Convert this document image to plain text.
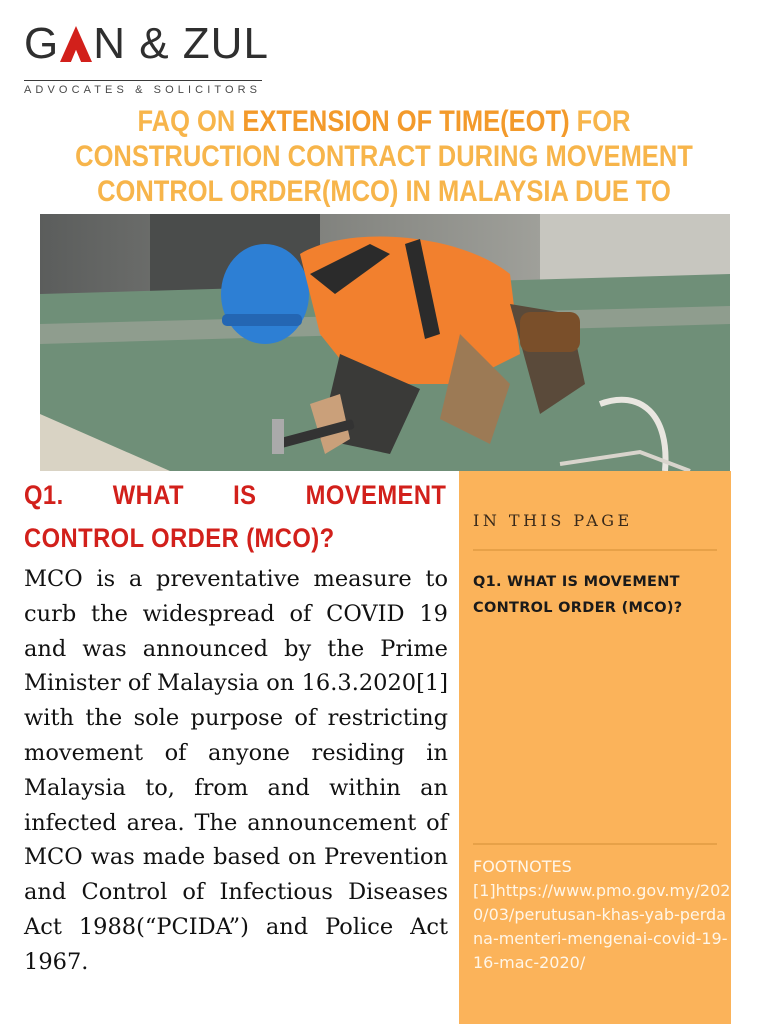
G N & ZUL
ADVOCATES & SOLICITORS
FAQ ON EXTENSION OF TIME(EOT) FOR CONSTRUCTION CONTRACT DURING MOVEMENT CONTROL ORDER(MCO) IN MALAYSIA DUE TO
Q1. WHAT IS MOVEMENT CONTROL ORDER (MCO)?
MCO is a preventative measure to curb the widespread of COVID 19 and was announced by the Prime Minister of Malaysia on 16.3.2020[1] with the sole purpose of restricting movement of anyone residing in Malaysia to, from and within an infected area. The announcement of MCO was made based on Prevention and Control of Infectious Diseases Act 1988(“PCIDA”) and Police Act 1967.
IN THIS PAGE
Q1. WHAT IS MOVEMENT CONTROL ORDER (MCO)?
FOOTNOTES
[1]https://www.pmo.gov.my/2020/03/perutusan-khas-yab-perdana-menteri-mengenai-covid-19-16-mac-2020/
